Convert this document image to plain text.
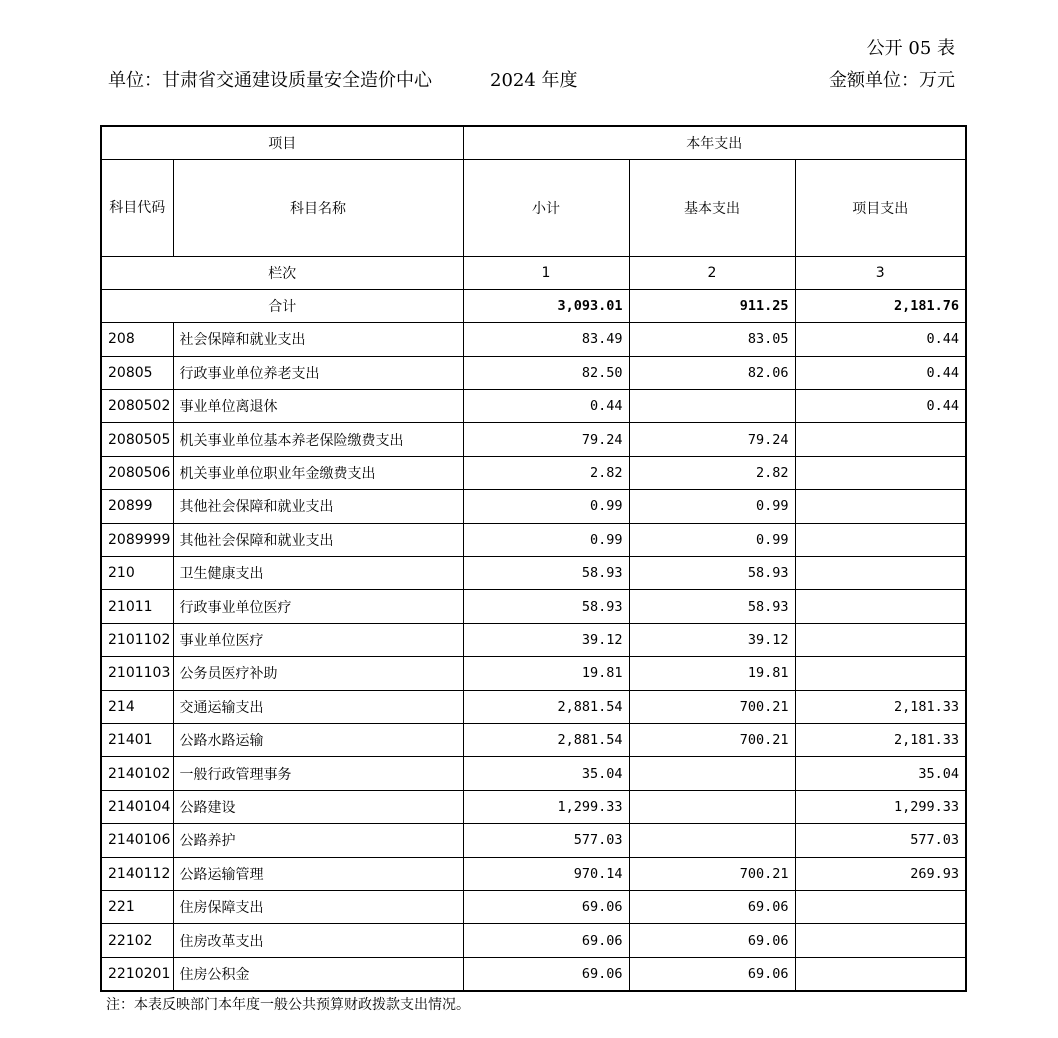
公开 05 表
单位：甘肃省交通建设质量安全造价中心	2024 年度	金额单位：万元
项目		本年支出		
科目代码	科目名称	小计	基本支出	项目支出
栏次		1	2	3
合计		3,093.01	911.25	2,181.76
208	社会保障和就业支出	83.49	83.05	0.44
20805	行政事业单位养老支出	82.50	82.06	0.44
2080502	事业单位离退休	0.44		0.44
2080505	机关事业单位基本养老保险缴费支出	79.24	79.24	
2080506	机关事业单位职业年金缴费支出	2.82	2.82	
20899	其他社会保障和就业支出	0.99	0.99	
2089999	其他社会保障和就业支出	0.99	0.99	
210	卫生健康支出	58.93	58.93	
21011	行政事业单位医疗	58.93	58.93	
2101102	事业单位医疗	39.12	39.12	
2101103	公务员医疗补助	19.81	19.81	
214	交通运输支出	2,881.54	700.21	2,181.33
21401	公路水路运输	2,881.54	700.21	2,181.33
2140102	一般行政管理事务	35.04		35.04
2140104	公路建设	1,299.33		1,299.33
2140106	公路养护	577.03		577.03
2140112	公路运输管理	970.14	700.21	269.93
221	住房保障支出	69.06	69.06	
22102	住房改革支出	69.06	69.06	
2210201	住房公积金	69.06	69.06	
注：本表反映部门本年度一般公共预算财政拨款支出情况。
